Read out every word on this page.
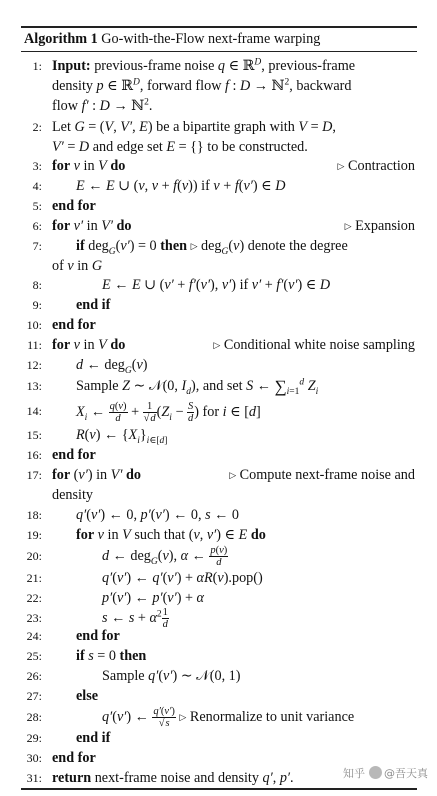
Algorithm 1 Go-with-the-Flow next-frame warping
1: Input: previous-frame noise q ∈ ℝ$^D$, previous-frame
density p ∈ ℝ$^D$, forward flow f : D → ℕ$^2$, backward
flow f′ : D → ℕ$^2$.
2: Let G = (V, V′, E) be a bipartite graph with V = D,
V′ = D and edge set E = {} to be constructed.
3: for v in V do	▷ Contraction
4:	E ← E ∪ (v, v + f(v)) if v + f(v′) ∈ D
5: end for
6: for v′ in V′ do	▷ Expansion
7:	if deg$_G$(v′) = 0 then ▷ deg$_G$(v) denote the degree
of v in G
8:	E ← E ∪ (v′ + f′(v′), v′) if v′ + f′(v′) ∈ D
9:	end if
10: end for
11: for v in V do	▷ Conditional white noise sampling
12:	d ← deg$_G$(v)
13:	Sample Z ∼ 𝒩(0, $I_d$), and set S ← $\sum_{i=1}^d$ $Z_i$
14:	$X_i$ ← $\frac{q(v)}{d} + \frac{1}{√d} (Z_i - \frac{S}{d}$ ) for i ∈ [d]
15:	R(v) ← $\{X_i\}_{i\in[d]}$
16: end for
17: for (v′) in V′ do	▷ Compute next-frame noise and
density
18:	q′(v′) ← 0, p′(v′) ← 0, s ← 0
19:	for v in V such that (v, v′) ∈ E do
20:	d ← deg$_G$(v), α ← $\frac{p(v)}{d}$
21:	q′(v′) ← q′(v′) + αR(v).pop()
22:	p′(v′) ← p′(v′) + α
23:	s ← $s + \alpha^2 \frac{1}{d}$
24:	end for
25:	if s = 0 then
26:	Sample q′(v′) ∼ 𝒩(0, 1)
27:	else
28:	q′(v′) ← $\frac{q'(v')}{√s}$ ▷ Renormalize to unit variance
29:	end if
30: end for
31: return next-frame noise and density q′, p′.	知乎 @吾天真
